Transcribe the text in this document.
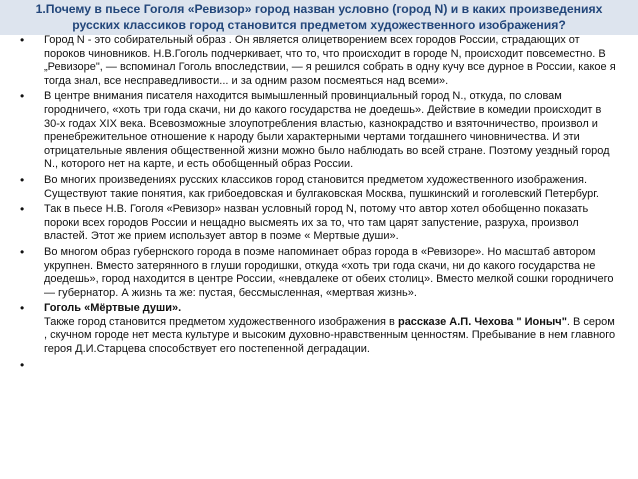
1.Почему в пьесе Гоголя «Ревизор» город назван условно (город N) и в каких произведениях
русских классиков город становится предметом художественного изображения?
• Город N - это собирательный образ . Он является олицетворением всех городов России, страдающих от пороков чиновников. Н.В.Гоголь подчеркивает, что то, что происходит в городе N, происходит повсеместно. В „Ревизоре", — вспоминал Гоголь впоследствии, — я решился собрать в одну кучу все дурное в России, какое я тогда знал, все несправедливости... и за одним разом посмеяться над всеми».
• В центре внимания писателя находится вымышленный провинциальный город N., откуда, по словам городничего, «хоть три года скачи, ни до какого государства не доедешь». Действие в комедии происходит в 30-х годах XIX века. Всевозможные злоупотребления властью, казнокрадство и взяточничество, произвол и пренебрежительное отношение к народу были характерными чертами тогдашнего чиновничества. И эти отрицательные явления общественной жизни можно было наблюдать во всей стране. Поэтому уездный город N., которого нет на карте, и есть обобщенный образ России.
• Во многих произведениях русских классиков город становится предметом художественного изображения. Существуют такие понятия, как грибоедовская и булгаковская Москва, пушкинский и гоголевский Петербург.
• Так в пьесе Н.В. Гоголя «Ревизор» назван условный город N, потому что автор хотел обобщенно показать пороки всех городов России и нещадно высмеять их за то, что там царят запустение, разруха, произвол властей. Этот же прием использует автор в поэме « Мертвые души».
• Во многом образ губернского города в поэме напоминает образ города в «Ревизоре». Но масштаб автором укрупнен. Вместо затерянного в глуши городишки, откуда «хоть три года скачи, ни до какого государства не доедешь», город находится в центре России, «невдалеке от обеих столиц». Вместо мелкой сошки городничего — губернатор. А жизнь та же: пустая, бессмысленная, «мертвая жизнь».
• Гоголь «Мёртвые души».
Также город становится предметом художественного изображения в рассказе А.П. Чехова " Ионыч". В сером , скучном городе нет места культуре и высоким духовно-нравственным ценностям. Пребывание в нем главного героя Д.И.Старцева способствует его постепенной деградации.
•
